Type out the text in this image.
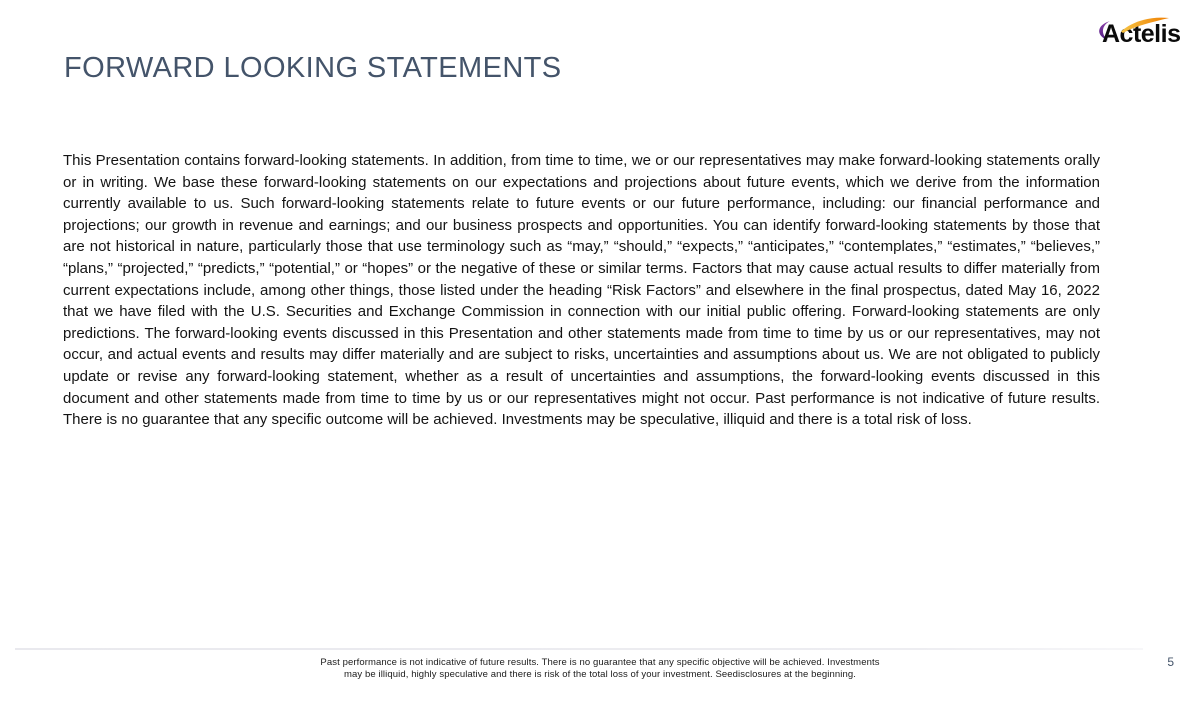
FORWARD LOOKING STATEMENTS
Actelis

This Presentation contains forward-looking statements. In addition, from time to time, we or our representatives may make forward-looking statements orally or in writing. We base these forward-looking statements on our expectations and projections about future events, which we derive from the information currently available to us. Such forward-looking statements relate to future events or our future performance, including: our financial performance and projections; our growth in revenue and earnings; and our business prospects and opportunities. You can identify forward-looking statements by those that are not historical in nature, particularly those that use terminology such as “may,” “should,” “expects,” “anticipates,” “contemplates,” “estimates,” “believes,” “plans,” “projected,” “predicts,” “potential,” or “hopes” or the negative of these or similar terms. Factors that may cause actual results to differ materially from current expectations include, among other things, those listed under the heading “Risk Factors” and elsewhere in the final prospectus, dated May 16, 2022 that we have filed with the U.S. Securities and Exchange Commission in connection with our initial public offering. Forward-looking statements are only predictions. The forward-looking events discussed in this Presentation and other statements made from time to time by us or our representatives, may not occur, and actual events and results may differ materially and are subject to risks, uncertainties and assumptions about us. We are not obligated to publicly update or revise any forward-looking statement, whether as a result of uncertainties and assumptions, the forward-looking events discussed in this document and other statements made from time to time by us or our representatives might not occur. Past performance is not indicative of future results. There is no guarantee that any specific outcome will be achieved. Investments may be speculative, illiquid and there is a total risk of loss.

Past performance is not indicative of future results. There is no guarantee that any specific objective will be achieved. Investments
may be illiquid, highly speculative and there is risk of the total loss of your investment. Seedisclosures at the beginning.
5
